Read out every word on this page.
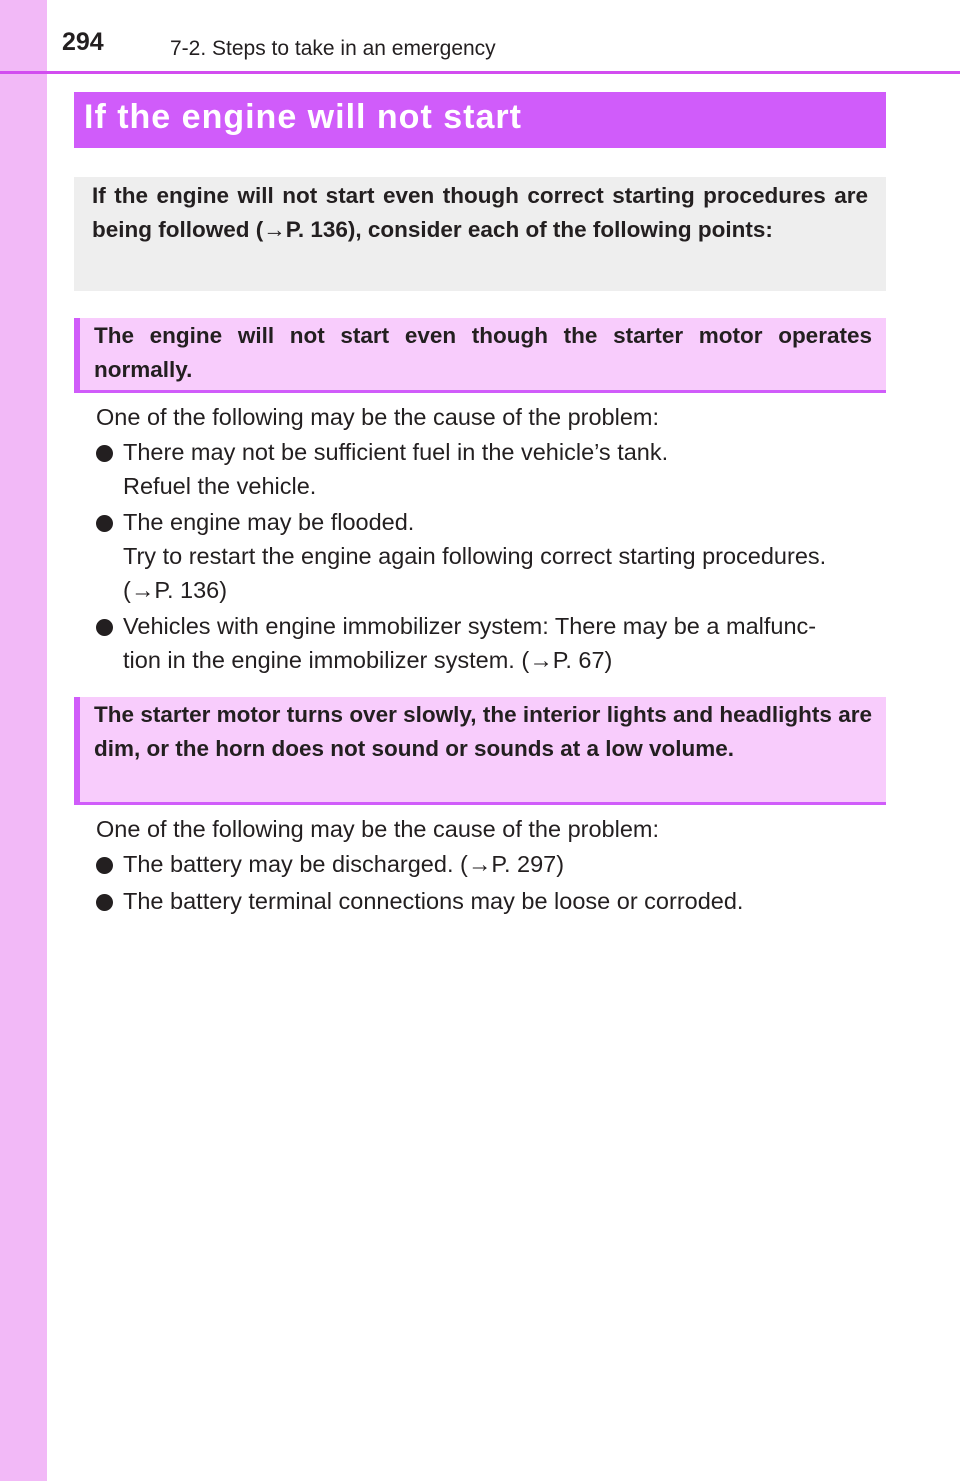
294	7-2. Steps to take in an emergency
If the engine will not start
If the engine will not start even though correct starting procedures are being followed (→P. 136), consider each of the following points:
The engine will not start even though the starter motor operates normally.
One of the following may be the cause of the problem:
There may not be sufficient fuel in the vehicle’s tank.
Refuel the vehicle.
The engine may be flooded.
Try to restart the engine again following correct starting procedures.
(→P. 136)
Vehicles with engine immobilizer system: There may be a malfunc-
tion in the engine immobilizer system. (→P. 67)
The starter motor turns over slowly, the interior lights and headlights are dim, or the horn does not sound or sounds at a low volume.
One of the following may be the cause of the problem:
The battery may be discharged. (→P. 297)
The battery terminal connections may be loose or corroded.
